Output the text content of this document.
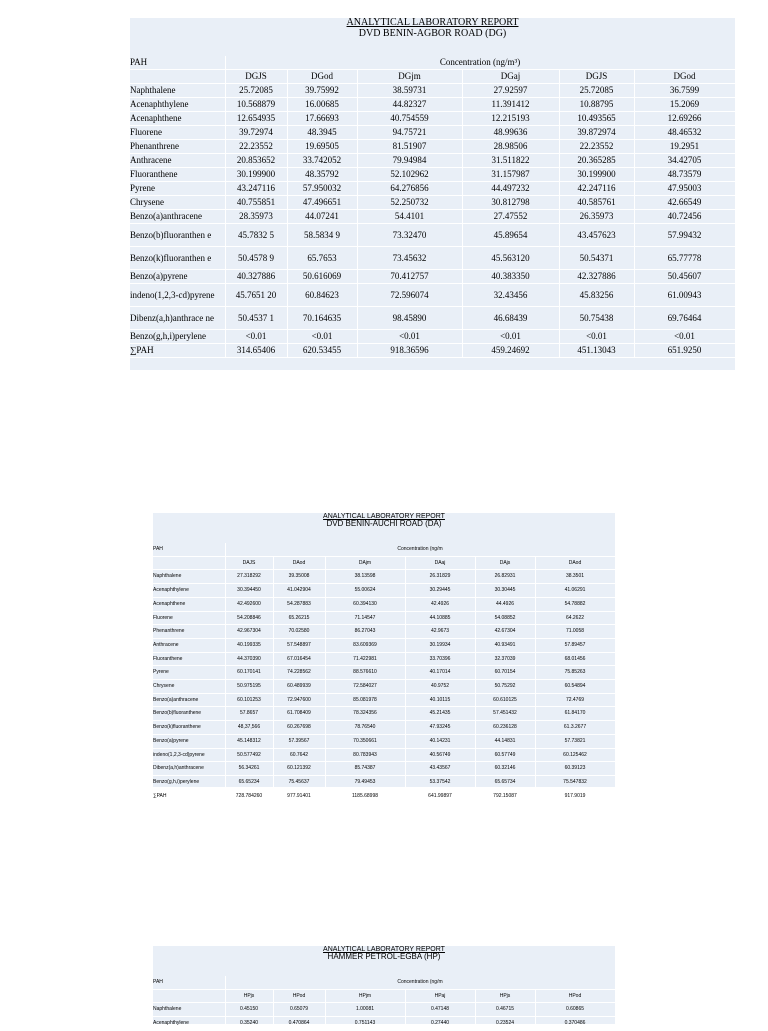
ANALYTICAL LABORATORY REPORT
DVD BENIN-AGBOR ROAD (DG)
PAH	Concentration (ng/m³)					
	DGJS	DGod	DGjm	DGaj	DGJS	DGod
Naphthalene	25.72085	39.75992	38.59731	27.92597	25.72085	36.7599
Acenaphthylene	10.568879	16.00685	44.82327	11.391412	10.88795	15.2069
Acenaphthene	12.654935	17.66693	40.754559	12.215193	10.493565	12.69266
Fluorene	39.72974	48.3945	94.75721	48.99636	39.872974	48.46532
Phenanthrene	22.23552	19.69505	81.51907	28.98506	22.23552	19.2951
Anthracene	20.853652	33.742052	79.94984	31.511822	20.365285	34.42705
Fluoranthene	30.199900	48.35792	52.102962	31.157987	30.199900	48.73579
Pyrene	43.247116	57.950032	64.276856	44.497232	42.247116	47.95003
Chrysene	40.755851	47.496651	52.250732	30.812798	40.585761	42.66549
Benzo(a)anthracene	28.35973	44.07241	54.4101	27.47552	26.35973	40.72456
Benzo(b)fluoranthen e	45.7832 5	58.5834 9	73.32470	45.89654	43.457623	57.99432
Benzo(k)fluoranthen e	50.4578 9	65.7653	73.45632	45.563120	50.54371	65.77778
Benzo(a)pyrene	40.327886	50.616069	70.412757	40.383350	42.327886	50.45607
indeno(1,2,3-cd)pyrene	45.7651 20	60.84623	72.596074	32.43456	45.83256	61.00943
Dibenz(a,h)anthrace ne	50.4537 1	70.164635	98.45890	46.68439	50.75438	69.76464
Benzo(g,h,i)perylene	<0.01	<0.01	<0.01	<0.01	<0.01	<0.01
∑PAH	314.65406	620.53455	918.36596	459.24692	451.13043	651.9250
ANALYTICAL LABORATORY REPORT
DVD BENIN-AUCHI ROAD (DA)
PAH	Concentration (ng/m					
	DAJS	DAod	DAjm	DAaj	DAjs	DAod
Naphthalene	27.318292	39.35008	38.13598	26.31829	26.82931	38.3501
Acenaphthylene	30.394450	41.042904	55.00624	30.29445	30.30445	41.06291
Acenaphthene	42.492600	54.287883	60.394130	42.4926	44.4926	54.78882
Fluorene	54.208846	65.26215	71.14547	44.10885	54.08852	64.2622
Phenanthrene	42.967304	70.02580	86.27043	42.9673	42.67304	71.0058
Anthracene	40.199335	57.548897	83.609369	30.19934	40.93491	57.89457
Fluoranthene	44.370390	67.016454	71.422981	33.70396	32.37039	68.01456
Pyrene	60.170141	74.228562	88.576610	40.17014	60.70154	75.85263
Chrysene	50.975195	60.489939	72.584027	40.9752	50.75292	60.54894
Benzo(a)anthracene	60.101253	72.947600	85.081978	40.10115	60.610125	72.4769
Benzo(b)fluoranthene	57.8657	61.708409	78.324356	45.21435	57.451432	61.84170
Benzo(k)fluoranthene	48,37,566	60.267698	78.76540	47.93245	60.236128	61.3.2677
Benzo(a)pyrene	45.148312	57.39567	70.350661	40.14231	44.14831	57.73821
indeno(1,2,3-cd)pyrene	50.577492	60.7642	80.783943	40.56749	60.57749	60.125462
Dibenz(a,h)anthracene	56.34261	60.121392	85.74387	43.43567	60.32146	60.39123
Benzo(g,h,i)perylene	65.65234	75.45637	79.49453	53.37542	65.65734	75.547832
∑PAH	728.784260	977.91401	1185.68998	641.99897	792.15087	917.9019
ANALYTICAL LABORATORY REPORT
HAMMER PETROL-EGBA (HP)
PAH	Concentration (ng/m					
	HPjs	HPod	HPjm	HPaj	HPjs	HPod
Naphthalene	0.45150	0.65079	1.00081	0.47148	0.46715	0.60865
Acenaphthylene	0.35240	0.470864	0.751143	0.27440	0.23524	0.370486
